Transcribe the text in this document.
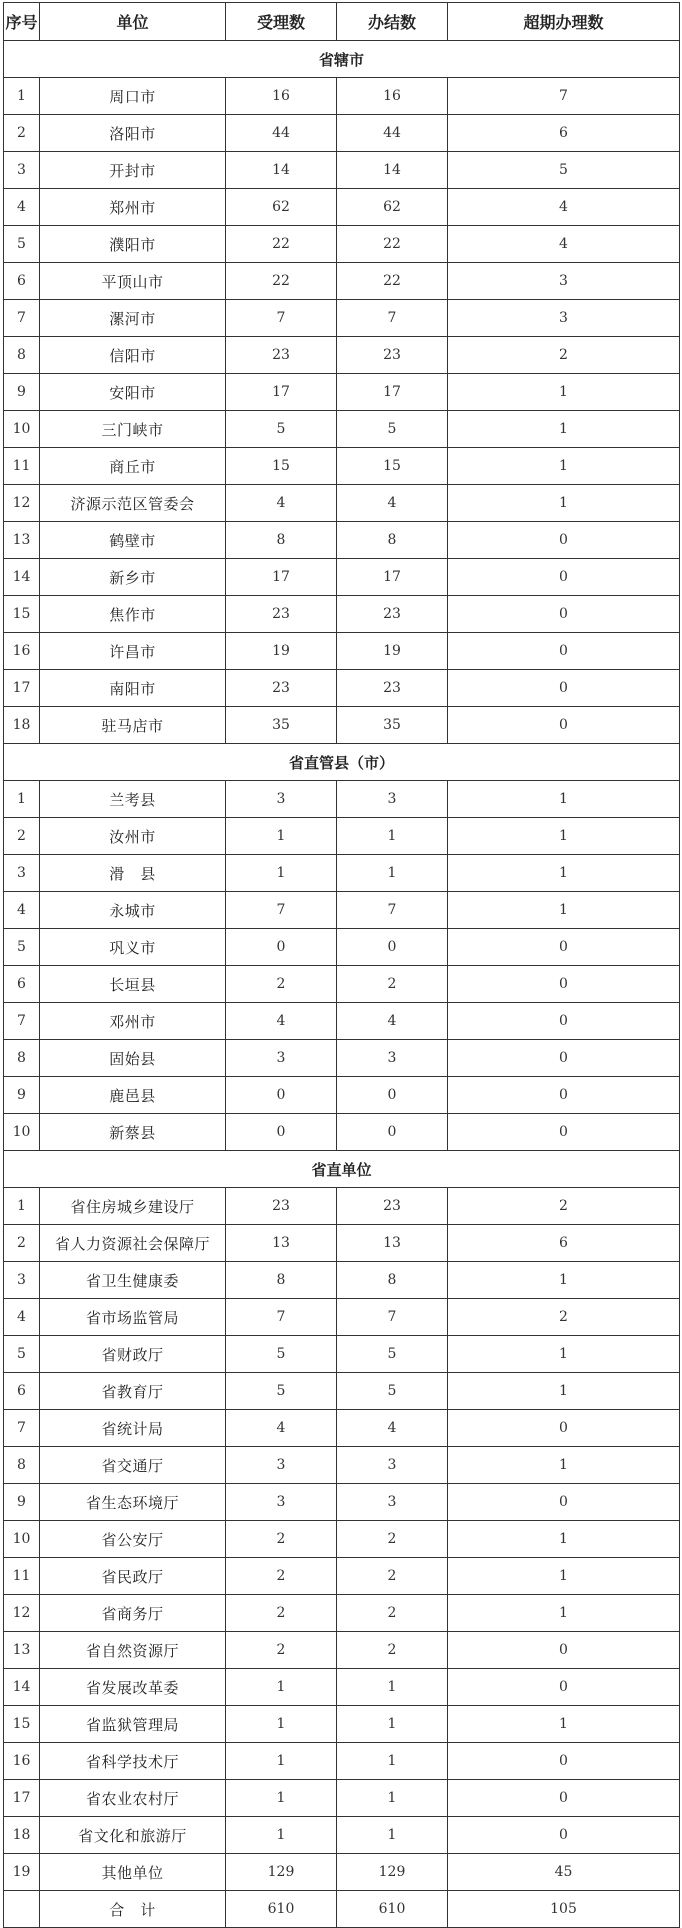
序号	单位	受理数	办结数	超期办理数
省辖市				
1	周口市	16	16	7
2	洛阳市	44	44	6
3	开封市	14	14	5
4	郑州市	62	62	4
5	濮阳市	22	22	4
6	平顶山市	22	22	3
7	漯河市	7	7	3
8	信阳市	23	23	2
9	安阳市	17	17	1
10	三门峡市	5	5	1
11	商丘市	15	15	1
12	济源示范区管委会	4	4	1
13	鹤壁市	8	8	0
14	新乡市	17	17	0
15	焦作市	23	23	0
16	许昌市	19	19	0
17	南阳市	23	23	0
18	驻马店市	35	35	0
省直管县（市）				
1	兰考县	3	3	1
2	汝州市	1	1	1
3	滑　县	1	1	1
4	永城市	7	7	1
5	巩义市	0	0	0
6	长垣县	2	2	0
7	邓州市	4	4	0
8	固始县	3	3	0
9	鹿邑县	0	0	0
10	新蔡县	0	0	0
省直单位				
1	省住房城乡建设厅	23	23	2
2	省人力资源社会保障厅	13	13	6
3	省卫生健康委	8	8	1
4	省市场监管局	7	7	2
5	省财政厅	5	5	1
6	省教育厅	5	5	1
7	省统计局	4	4	0
8	省交通厅	3	3	1
9	省生态环境厅	3	3	0
10	省公安厅	2	2	1
11	省民政厅	2	2	1
12	省商务厅	2	2	1
13	省自然资源厅	2	2	0
14	省发展改革委	1	1	0
15	省监狱管理局	1	1	1
16	省科学技术厅	1	1	0
17	省农业农村厅	1	1	0
18	省文化和旅游厅	1	1	0
19	其他单位	129	129	45
	合　计	610	610	105
